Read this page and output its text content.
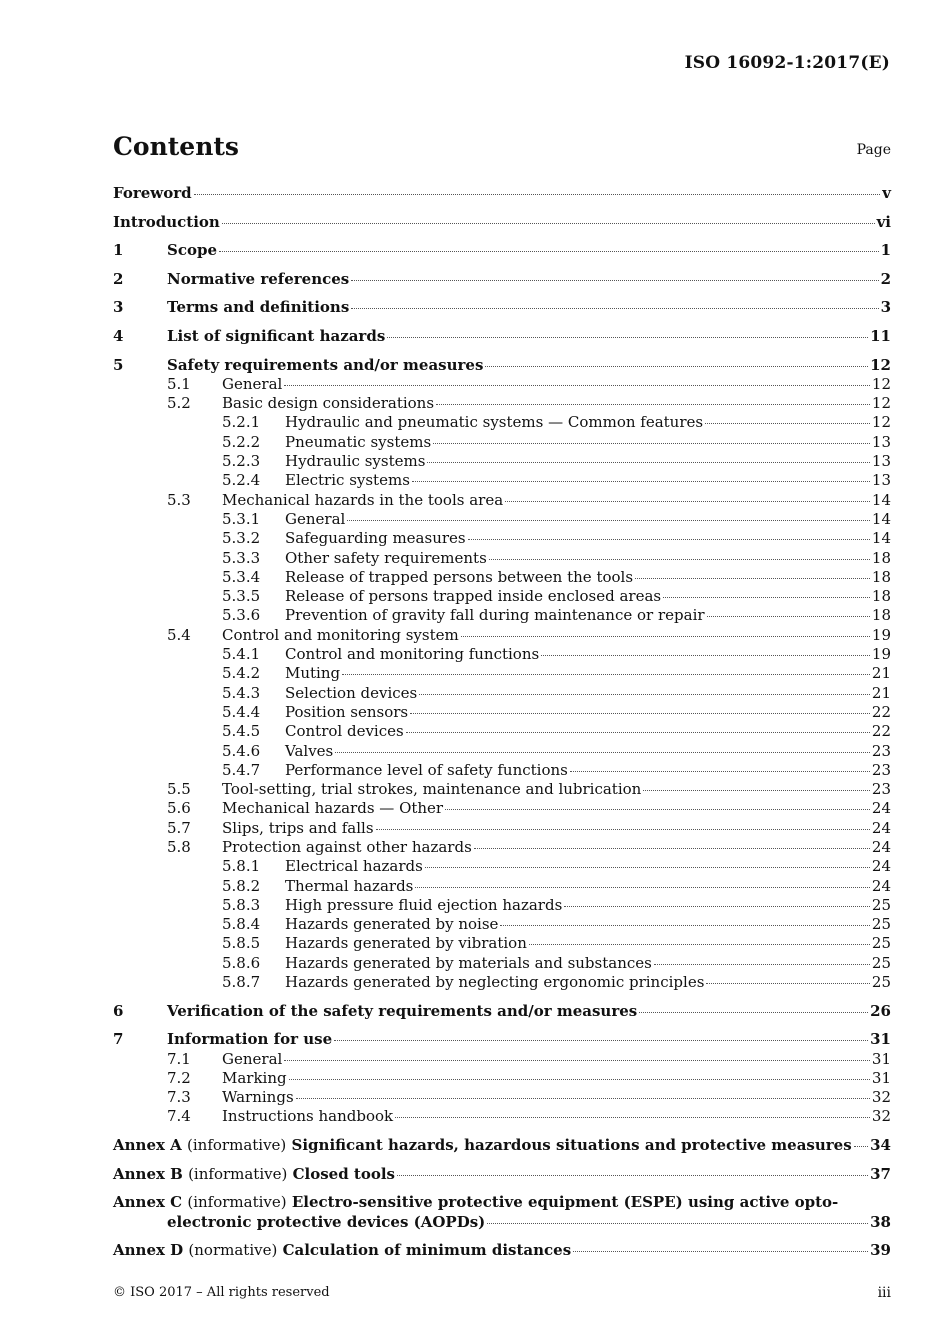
ISO 16092-1:2017(E)
Contents	Page
Foreword	v
Introduction	vi
1	Scope	1
2	Normative references	2
3	Terms and definitions	3
4	List of significant hazards	11
5	Safety requirements and/or measures	12
5.1	General	12
5.2	Basic design considerations	12
5.2.1	Hydraulic and pneumatic systems — Common features	12
5.2.2	Pneumatic systems	13
5.2.3	Hydraulic systems	13
5.2.4	Electric systems	13
5.3	Mechanical hazards in the tools area	14
5.3.1	General	14
5.3.2	Safeguarding measures	14
5.3.3	Other safety requirements	18
5.3.4	Release of trapped persons between the tools	18
5.3.5	Release of persons trapped inside enclosed areas	18
5.3.6	Prevention of gravity fall during maintenance or repair	18
5.4	Control and monitoring system	19
5.4.1	Control and monitoring functions	19
5.4.2	Muting	21
5.4.3	Selection devices	21
5.4.4	Position sensors	22
5.4.5	Control devices	22
5.4.6	Valves	23
5.4.7	Performance level of safety functions	23
5.5	Tool-setting, trial strokes, maintenance and lubrication	23
5.6	Mechanical hazards — Other	24
5.7	Slips, trips and falls	24
5.8	Protection against other hazards	24
5.8.1	Electrical hazards	24
5.8.2	Thermal hazards	24
5.8.3	High pressure fluid ejection hazards	25
5.8.4	Hazards generated by noise	25
5.8.5	Hazards generated by vibration	25
5.8.6	Hazards generated by materials and substances	25
5.8.7	Hazards generated by neglecting ergonomic principles	25
6	Verification of the safety requirements and/or measures	26
7	Information for use	31
7.1	General	31
7.2	Marking	31
7.3	Warnings	32
7.4	Instructions handbook	32
Annex A (informative) Significant hazards, hazardous situations and protective measures 34
Annex B (informative) Closed tools	37
Annex C (informative) Electro-sensitive protective equipment (ESPE) using active opto-
electronic protective devices (AOPDs)	38
Annex D (normative) Calculation of minimum distances	39
© ISO 2017 – All rights reserved	iii
